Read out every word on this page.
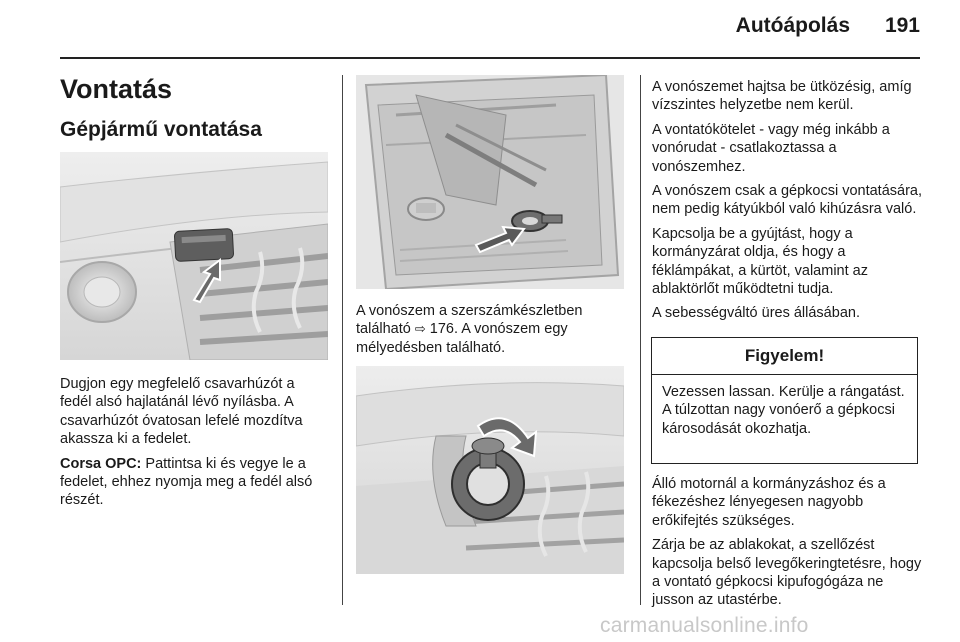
Autóápolás	191
Vontatás
Gépjármű vontatása

Dugjon egy megfelelő csavarhúzót a fedél alsó hajlatánál lévő nyílásba. A csavarhúzót óvatosan lefelé mozdítva akassza ki a fedelet.

Corsa OPC: Pattintsa ki és vegye le a fedelet, ehhez nyomja meg a fedél alsó részét.

A vonószem a szerszámkészletben található ⇨ 176. A vonószem egy mélyedésben található.

A vonószemet hajtsa be ütközésig, amíg vízszintes helyzetbe nem kerül.

A vontatókötelet - vagy még inkább a vonórudat - csatlakoztassa a vonószemhez.

A vonószem csak a gépkocsi vontatására, nem pedig kátyúkból való kihúzásra való.

Kapcsolja be a gyújtást, hogy a kormányzárat oldja, és hogy a féklámpákat, a kürtöt, valamint az ablaktörlőt működtetni tudja.

A sebességváltó üres állásában.

Figyelem!
Vezessen lassan. Kerülje a rángatást. A túlzottan nagy vonóerő a gépkocsi károsodását okozhatja.

Álló motornál a kormányzáshoz és a fékezéshez lényegesen nagyobb erőkifejtés szükséges.

Zárja be az ablakokat, a szellőzést kapcsolja belső levegőkeringtetésre, hogy a vontató gépkocsi kipufogógáza ne jusson az utastérbe.

carmanualsonline.info
